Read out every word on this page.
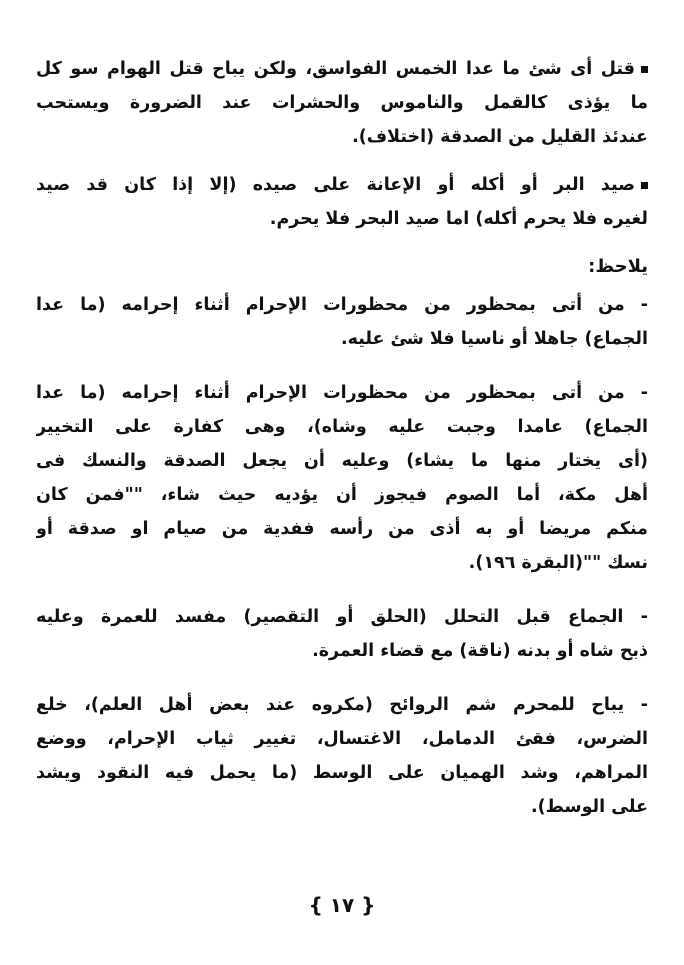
قتل أى شئ ما عدا الخمس الفواسق، ولكن يباح قتل الهوام سو كل
ما يؤذى كالقمل والناموس والحشرات عند الضرورة ويستحب
عندئذ القليل من الصدقة (اختلاف).
صيد البر أو أكله أو الإعانة على صيده (إلا إذا كان قد صيد
لغيره فلا يحرم أكله) اما صيد البحر فلا يحرم.
يلاحظ:
- من أتى بمحظور من محظورات الإحرام أثناء إحرامه (ما عدا
الجماع) جاهلا أو ناسيا فلا شئ عليه.
- من أتى بمحظور من محظورات الإحرام أثناء إحرامه (ما عدا
الجماع) عامدا وجبت عليه وشاه)، وهى كفارة على التخيير
(أى يختار منها ما يشاء) وعليه أن يجعل الصدقة والنسك فى
أهل مكة، أما الصوم فيجوز أن يؤديه حيث شاء، ""فمن كان
منكم مريضا أو به أذى من رأسه ففدية من صيام او صدقة أو
نسك ""(البقرة ١٩٦).
- الجماع قبل التحلل (الحلق أو التقصير) مفسد للعمرة وعليه
ذبح شاه أو بدنه (ناقة) مع قضاء العمرة.
- يباح للمحرم شم الروائح (مكروه عند بعض أهل العلم)، خلع
الضرس، فقئ الدمامل، الاغتسال، تغيير ثياب الإحرام، ووضع
المراهم، وشد الهميان على الوسط (ما يحمل فيه النقود ويشد
على الوسط).
{ ١٧ }
